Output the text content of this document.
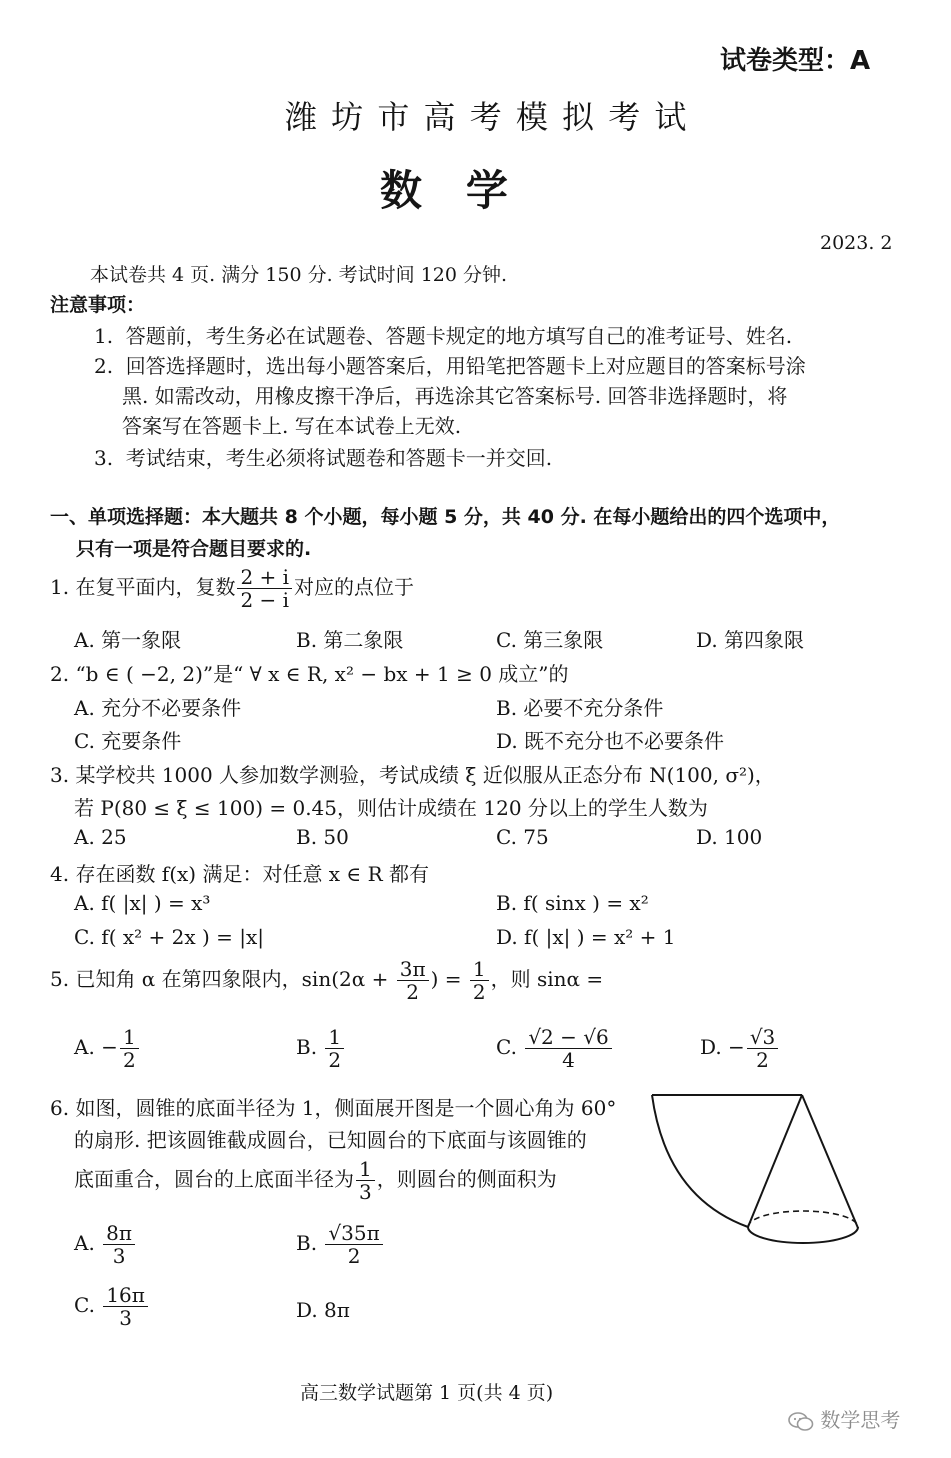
试卷类型：A
潍 坊 市 高 考 模 拟 考 试
数   学
2023. 2
本试卷共 4 页. 满分 150 分. 考试时间 120 分钟.
注意事项：
1.  答题前，考生务必在试题卷、答题卡规定的地方填写自己的准考证号、姓名.
2.  回答选择题时，选出每小题答案后，用铅笔把答题卡上对应题目的答案标号涂
黑. 如需改动，用橡皮擦干净后，再选涂其它答案标号. 回答非选择题时，将
答案写在答题卡上. 写在本试卷上无效.
3.  考试结束，考生必须将试题卷和答题卡一并交回.
一、单项选择题：本大题共 8 个小题，每小题 5 分，共 40 分. 在每小题给出的四个选项中，
只有一项是符合题目要求的.
1. 在复平面内，复数 $\frac{2 + i}{2 - i}$ 对应的点位于
A. 第一象限	B. 第二象限	C. 第三象限	D. 第四象限
2. “b ∈ ( −2, 2)”是“ ∀ x ∈ R, x² − bx + 1 ≥ 0 成立”的
A. 充分不必要条件	B. 必要不充分条件
C. 充要条件	D. 既不充分也不必要条件
3. 某学校共 1000 人参加数学测验，考试成绩 ξ 近似服从正态分布 N(100, σ²)，
若 P(80 ≤ ξ ≤ 100) = 0.45，则估计成绩在 120 分以上的学生人数为
A. 25	B. 50	C. 75	D. 100
4. 存在函数 f(x) 满足：对任意 x ∈ R 都有
A. f( |x| ) = x³	B. f( sinx ) = x²
C. f( x² + 2x ) = |x|	D. f( |x| ) = x² + 1
5. 已知角 α 在第四象限内，$\sin(2\alpha + \frac{3\pi}{2}$ ) = $\frac{1}{2}$ ，则 sinα =
A. − $\frac{1}{2}$	B. $\frac{1}{2}$	C. $\frac{√2 - √6}{4}$	D. − $\frac{√3}{2}$
6. 如图，圆锥的底面半径为 1，侧面展开图是一个圆心角为 60°
的扇形. 把该圆锥截成圆台，已知圆台的下底面与该圆锥的
底面重合，圆台的上底面半径为 $\frac{1}{3}$ ，则圆台的侧面积为
A. $\frac{8\pi}{3}$	B. $\frac{√35\pi}{2}$
C. $\frac{16\pi}{3}$	D. 8π
高三数学试题第 1 页(共 4 页)
数学思考
